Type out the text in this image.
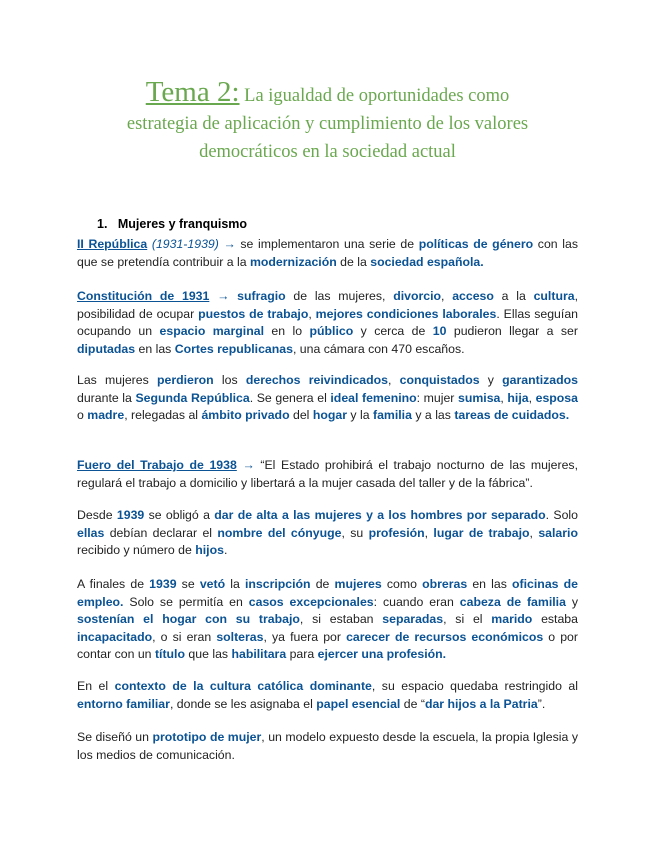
Tema 2: La igualdad de oportunidades como
estrategia de aplicación y cumplimiento de los valores
democráticos en la sociedad actual
1. Mujeres y franquismo

II República (1931-1939) → se implementaron una serie de políticas de género con las que se pretendía contribuir a la modernización de la sociedad española.

Constitución de 1931 → sufragio de las mujeres, divorcio, acceso a la cultura, posibilidad de ocupar puestos de trabajo, mejores condiciones laborales. Ellas seguían ocupando un espacio marginal en lo público y cerca de 10 pudieron llegar a ser diputadas en las Cortes republicanas, una cámara con 470 escaños.

Las mujeres perdieron los derechos reivindicados, conquistados y garantizados durante la Segunda República. Se genera el ideal femenino: mujer sumisa, hija, esposa o madre, relegadas al ámbito privado del hogar y la familia y a las tareas de cuidados.

Fuero del Trabajo de 1938 → “El Estado prohibirá el trabajo nocturno de las mujeres, regulará el trabajo a domicilio y libertará a la mujer casada del taller y de la fábrica”.

Desde 1939 se obligó a dar de alta a las mujeres y a los hombres por separado. Solo ellas debían declarar el nombre del cónyuge, su profesión, lugar de trabajo, salario recibido y número de hijos.

A finales de 1939 se vetó la inscripción de mujeres como obreras en las oficinas de empleo. Solo se permitía en casos excepcionales: cuando eran cabeza de familia y sostenían el hogar con su trabajo, si estaban separadas, si el marido estaba incapacitado, o si eran solteras, ya fuera por carecer de recursos económicos o por contar con un título que las habilitara para ejercer una profesión.

En el contexto de la cultura católica dominante, su espacio quedaba restringido al entorno familiar, donde se les asignaba el papel esencial de “dar hijos a la Patria”.

Se diseñó un prototipo de mujer, un modelo expuesto desde la escuela, la propia Iglesia y los medios de comunicación.
